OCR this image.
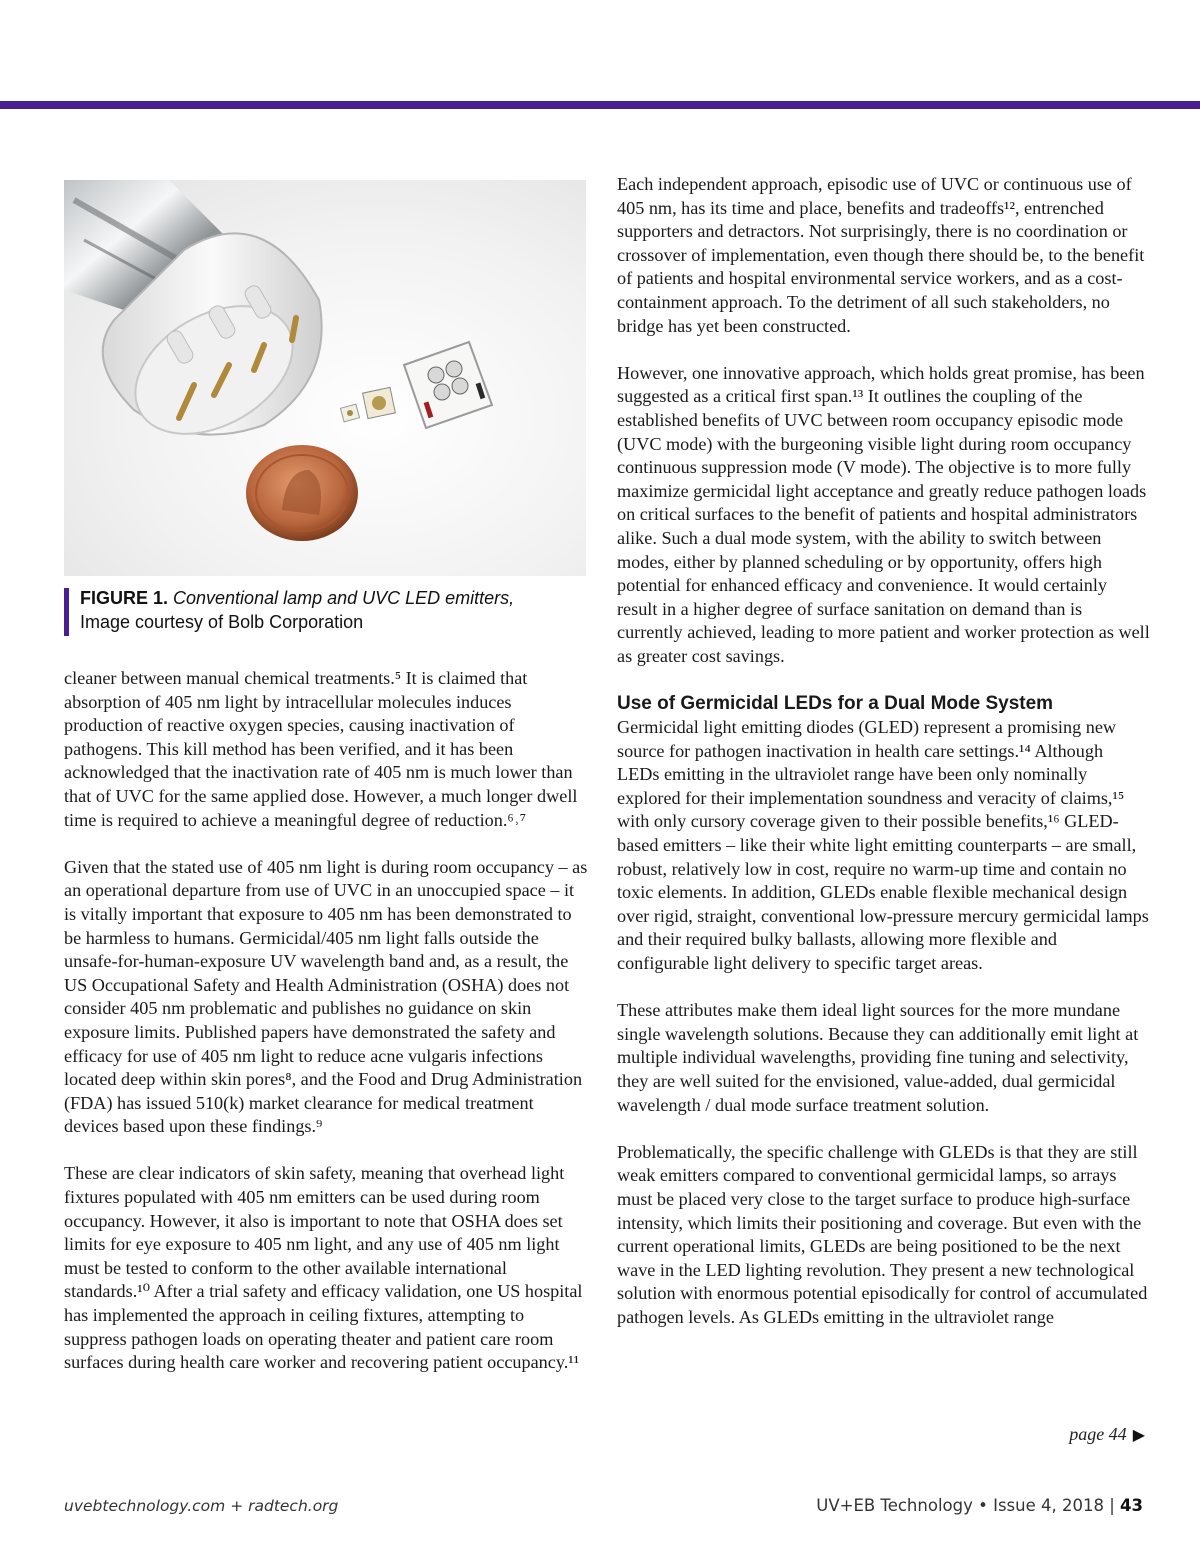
FIGURE 1. Conventional lamp and UVC LED emitters,
Image courtesy of Bolb Corporation

cleaner between manual chemical treatments.⁵ It is claimed that absorption of 405 nm light by intracellular molecules induces production of reactive oxygen species, causing inactivation of pathogens. This kill method has been verified, and it has been acknowledged that the inactivation rate of 405 nm is much lower than that of UVC for the same applied dose. However, a much longer dwell time is required to achieve a meaningful degree of reduction.⁶˒⁷

Given that the stated use of 405 nm light is during room occupancy – as an operational departure from use of UVC in an unoccupied space – it is vitally important that exposure to 405 nm has been demonstrated to be harmless to humans. Germicidal/405 nm light falls outside the unsafe-for-human-exposure UV wavelength band and, as a result, the US Occupational Safety and Health Administration (OSHA) does not consider 405 nm problematic and publishes no guidance on skin exposure limits. Published papers have demonstrated the safety and efficacy for use of 405 nm light to reduce acne vulgaris infections located deep within skin pores⁸, and the Food and Drug Administration (FDA) has issued 510(k) market clearance for medical treatment devices based upon these findings.⁹

These are clear indicators of skin safety, meaning that overhead light fixtures populated with 405 nm emitters can be used during room occupancy. However, it also is important to note that OSHA does set limits for eye exposure to 405 nm light, and any use of 405 nm light must be tested to conform to the other available international standards.¹⁰ After a trial safety and efficacy validation, one US hospital has implemented the approach in ceiling fixtures, attempting to suppress pathogen loads on operating theater and patient care room surfaces during health care worker and recovering patient occupancy.¹¹

Each independent approach, episodic use of UVC or continuous use of 405 nm, has its time and place, benefits and tradeoffs¹², entrenched supporters and detractors. Not surprisingly, there is no coordination or crossover of implementation, even though there should be, to the benefit of patients and hospital environmental service workers, and as a cost-containment approach. To the detriment of all such stakeholders, no bridge has yet been constructed.

However, one innovative approach, which holds great promise, has been suggested as a critical first span.¹³ It outlines the coupling of the established benefits of UVC between room occupancy episodic mode (UVC mode) with the burgeoning visible light during room occupancy continuous suppression mode (V mode). The objective is to more fully maximize germicidal light acceptance and greatly reduce pathogen loads on critical surfaces to the benefit of patients and hospital administrators alike. Such a dual mode system, with the ability to switch between modes, either by planned scheduling or by opportunity, offers high potential for enhanced efficacy and convenience. It would certainly result in a higher degree of surface sanitation on demand than is currently achieved, leading to more patient and worker protection as well as greater cost savings.

Use of Germicidal LEDs for a Dual Mode System

Germicidal light emitting diodes (GLED) represent a promising new source for pathogen inactivation in health care settings.¹⁴ Although LEDs emitting in the ultraviolet range have been only nominally explored for their implementation soundness and veracity of claims,¹⁵ with only cursory coverage given to their possible benefits,¹⁶ GLED-based emitters – like their white light emitting counterparts – are small, robust, relatively low in cost, require no warm-up time and contain no toxic elements. In addition, GLEDs enable flexible mechanical design over rigid, straight, conventional low-pressure mercury germicidal lamps and their required bulky ballasts, allowing more flexible and configurable light delivery to specific target areas.

These attributes make them ideal light sources for the more mundane single wavelength solutions. Because they can additionally emit light at multiple individual wavelengths, providing fine tuning and selectivity, they are well suited for the envisioned, value-added, dual germicidal wavelength / dual mode surface treatment solution.

Problematically, the specific challenge with GLEDs is that they are still weak emitters compared to conventional germicidal lamps, so arrays must be placed very close to the target surface to produce high-surface intensity, which limits their positioning and coverage. But even with the current operational limits, GLEDs are being positioned to be the next wave in the LED lighting revolution. They present a new technological solution with enormous potential episodically for control of accumulated pathogen levels. As GLEDs emitting in the ultraviolet range

page 44 ▶
uvebtechnology.com + radtech.org	UV+EB Technology • Issue 4, 2018 | 43
